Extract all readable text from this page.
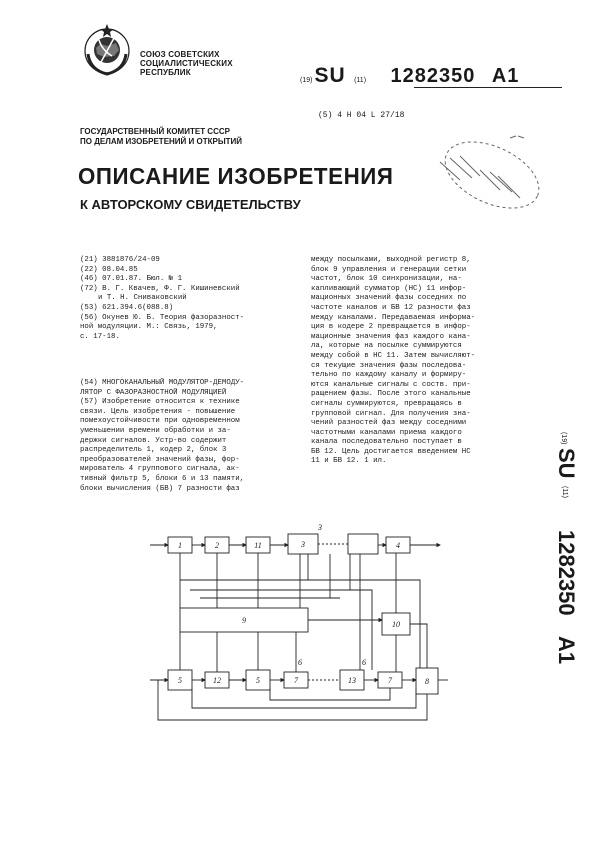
СОЮЗ СОВЕТСКИХ
СОЦИАЛИСТИЧЕСКИХ
РЕСПУБЛИК
(19)SU (11) 1282350 A1
(5) 4 H 04 L 27/18
ГОСУДАРСТВЕННЫЙ КОМИТЕТ СССР
ПО ДЕЛАМ ИЗОБРЕТЕНИЙ И ОТКРЫТИЙ
ОПИСАНИЕ ИЗОБРЕТЕНИЯ
К АВТОРСКОМУ СВИДЕТЕЛЬСТВУ
(21) 3881876/24-09
(22) 08.04.85
(46) 07.01.87. Бюл. № 1
(72) В. Г. Квачев, Ф. Г. Кишиневский
и Т. Н. Сниваковский
(53) 621.394.6(088.8)
(56) Окунев Ю. Б. Теория фазоразност-
ной модуляции. М.: Связь, 1979,
с. 17-18.
(54) МНОГОКАНАЛЬНЫЙ МОДУЛЯТОР-ДЕМОДУ-
ЛЯТОР С ФАЗОРАЗНОСТНОЙ МОДУЛЯЦИЕЙ
(57) Изобретение относится к технике
связи. Цель изобретения - повышение
помехоустойчивости при одновременном
уменьшении времени обработки и за-
держки сигналов. Устр-во содержит
распределитель 1, кодер 2, блок 3
преобразователей значений фазы, фор-
мирователь 4 группового сигнала, ак-
тивный фильтр 5, блоки 6 и 13 памяти,
блоки вычисления (БВ) 7 разности фаз
между посылками, выходной регистр 8,
блок 9 управления и генерации сетки
частот, блок 10 синхронизации, на-
капливающий сумматор (НС) 11 инфор-
мационных значений фазы соседних по
частоте каналов и БВ 12 разности фаз
между каналами. Передаваемая информа-
ция в кодере 2 превращается в инфор-
мационные значения фаз каждого кана-
ла, которые на посылке суммируются
между собой в НС 11. Затем вычисляют-
ся текущие значения фазы последова-
тельно по каждому каналу и формиру-
ются канальные сигналы с соств. при-
ращением фазы. После этого канальные
сигналы суммируются, превращаясь в
групповой сигнал. Для получения зна-
чений разностей фаз между соседними
частотными каналами приема каждого
канала последовательно поступает в
БВ 12. Цель достигается введением НС
11 и БВ 12. 1 ил.
(19)
SU
(11)
1282350
A1
1	2	11	3	4
9	10
5	12	5	7	13	7	8
3
6	6
